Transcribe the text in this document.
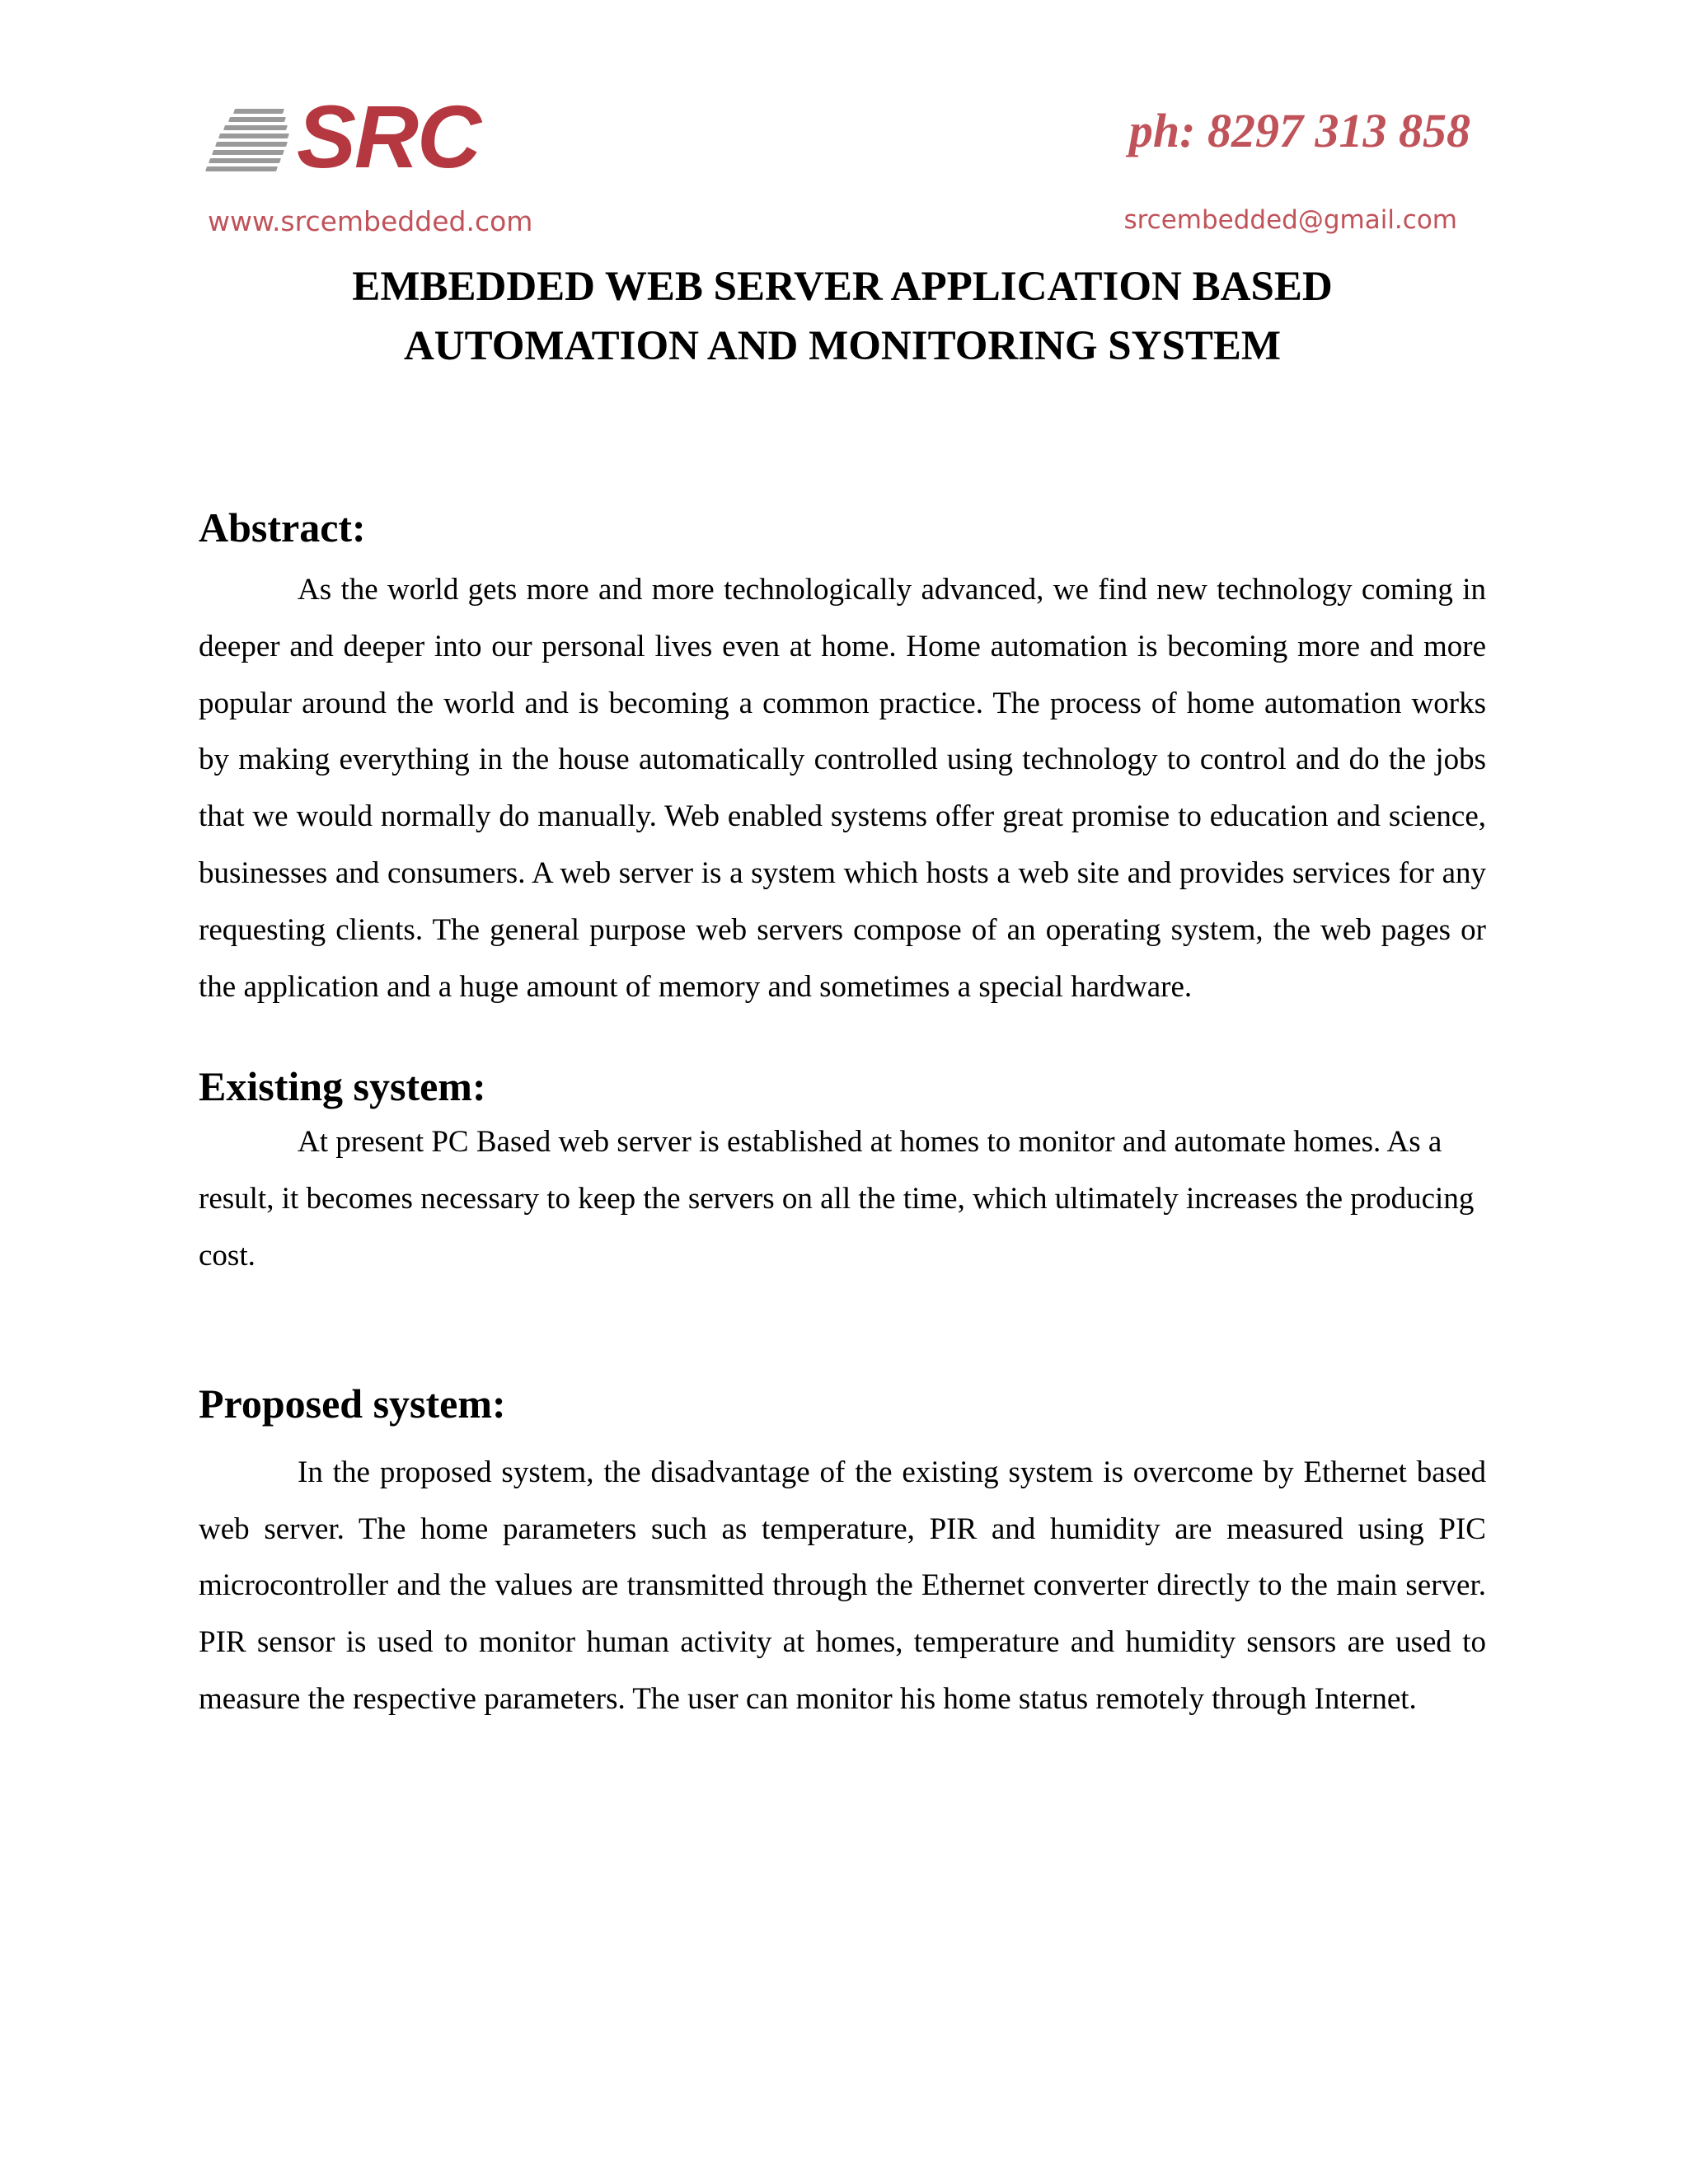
SRC	ph: 8297 313 858
www.srcembedded.com	srcembedded@gmail.com
EMBEDDED WEB SERVER APPLICATION BASED
AUTOMATION AND MONITORING SYSTEM
Abstract:

As the world gets more and more technologically advanced, we find new technology coming in deeper and deeper into our personal lives even at home. Home automation is becoming more and more popular around the world and is becoming a common practice. The process of home automation works by making everything in the house automatically controlled using technology to control and do the jobs that we would normally do manually. Web enabled systems offer great promise to education and science, businesses and consumers. A web server is a system which hosts a web site and provides services for any requesting clients. The general purpose web servers compose of an operating system, the web pages or the application and a huge amount of memory and sometimes a special hardware.

Existing system:

At present PC Based web server is established at homes to monitor and automate homes. As a result, it becomes necessary to keep the servers on all the time, which ultimately increases the producing cost.

Proposed system:

In the proposed system, the disadvantage of the existing system is overcome by Ethernet based web server. The home parameters such as temperature, PIR and humidity are measured using PIC microcontroller and the values are transmitted through the Ethernet converter directly to the main server. PIR sensor is used to monitor human activity at homes, temperature and humidity sensors are used to measure the respective parameters. The user can monitor his home status remotely through Internet.
